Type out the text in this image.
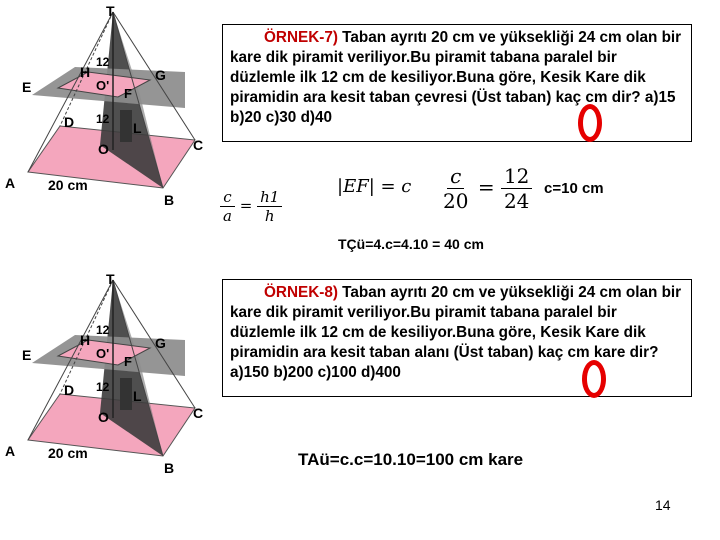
T
H	G
E	F
O'
12
12
D	L
O	C
A
B
20 cm
T
H	G
E	F
O'
12
12
D	L
O	C
A
B
20 cm

ÖRNEK-7) Taban ayrıtı 20 cm ve yüksekliği 24 cm olan bir kare dik piramit veriliyor.Bu piramit tabana paralel bir düzlemle ilk 12 cm de kesiliyor.Buna göre, Kesik Kare dik piramidin ara kesit taban çevresi (Üst taban) kaç cm dir? a)15 b)20 c)30 d)40

$\frac{c}{a} = \frac{h1}{h}$
|EF| = c $\frac{c}{20} = \frac{12}{24} c=10$ cm
TÇü=4.c=4.10 = 40 cm

ÖRNEK-8) Taban ayrıtı 20 cm ve yüksekliği 24 cm olan bir kare dik piramit veriliyor.Bu piramit tabana paralel bir düzlemle ilk 12 cm de kesiliyor.Buna göre, Kesik Kare dik piramidin ara kesit taban alanı (Üst taban) kaç cm kare dir? a)150 b)200 c)100 d)400

TAü=c.c=10.10=100 cm kare
14
